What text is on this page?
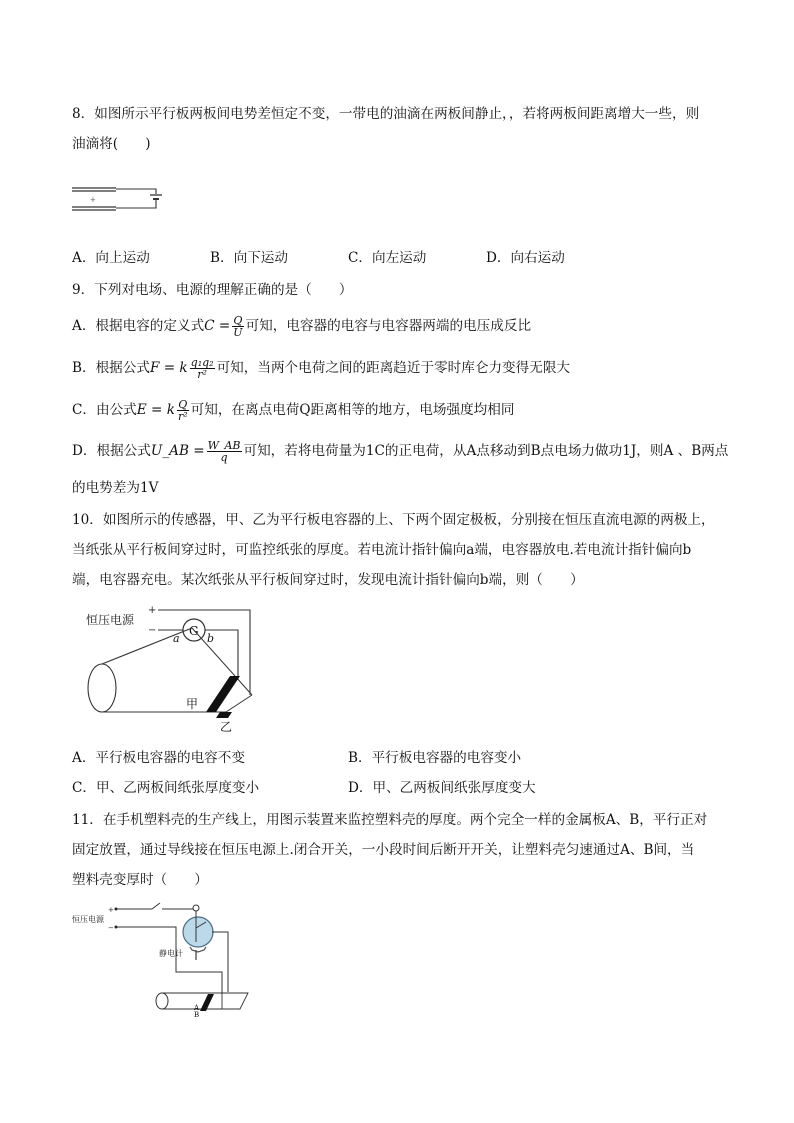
8．如图所示平行板两板间电势差恒定不变，一带电的油滴在两板间静止，，若将两板间距离增大一些，则
油滴将(　　)
+
A．向上运动	B．向下运动	C．向左运动	D．向右运动
9．下列对电场、电源的理解正确的是（　　）
A．根据电容的定义式$C = \frac{Q}{U}$ 可知，电容器的电容与电容器两端的电压成反比
B．根据公式F = k $\frac{\text{q₁q₂}}{\text{r²}}$ 可知，当两个电荷之间的距离趋近于零时库仑力变得无限大
C．由公式E = k $\frac{Q}{\text{r²}}$ 可知，在离点电荷Q距离相等的地方，电场强度均相同
D．根据公式U_AB = $\frac{W\_AB}{q}$ 可知，若将电荷量为1C的正电荷，从A点移动到B点电场力做功1J，则A 、B两点
的电势差为1V
10．如图所示的传感器，甲、乙为平行板电容器的上、下两个固定极板，分别接在恒压直流电源的两极上，
当纸张从平行板间穿过时，可监控纸张的厚度。若电流计指针偏向a端，电容器放电.若电流计指针偏向b
端，电容器充电。某次纸张从平行板间穿过时，发现电流计指针偏向b端，则（　　）
恒压电源
+
−	G
a b
甲
乙
A．平行板电容器的电容不变	B．平行板电容器的电容变小
C．甲、乙两板间纸张厚度变小	D．甲、乙两板间纸张厚度变大
11．在手机塑料壳的生产线上，用图示装置来监控塑料壳的厚度。两个完全一样的金属板A、B，平行正对
固定放置，通过导线接在恒压电源上.闭合开关，一小段时间后断开开关，让塑料壳匀速通过A、B间，当
塑料壳变厚时（　　）
恒压电源
+
−
静电计
A
B
